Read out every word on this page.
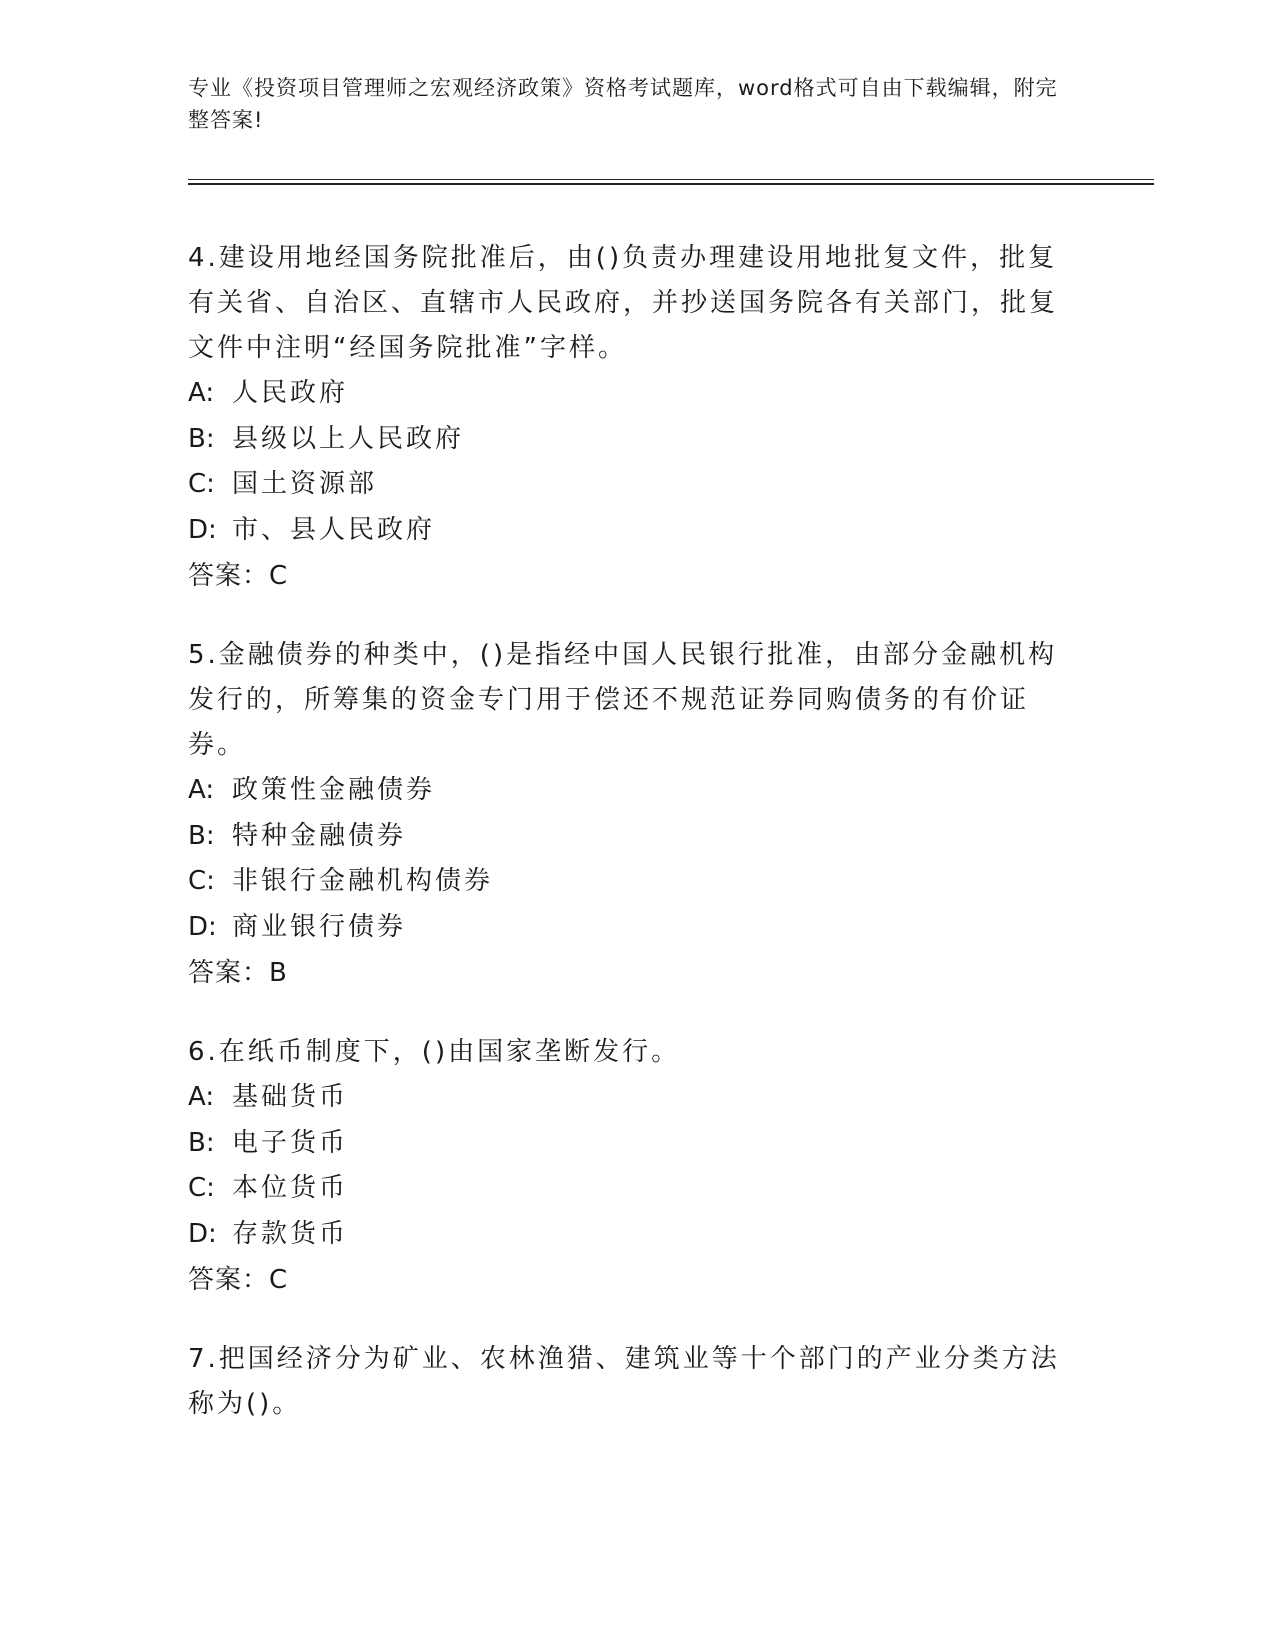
专业《投资项目管理师之宏观经济政策》资格考试题库，word格式可自由下载编辑，附完整答案!
4.建设用地经国务院批准后，由()负责办理建设用地批复文件，批复有关省、自治区、直辖市人民政府，并抄送国务院各有关部门，批复文件中注明“经国务院批准”字样。
A: 人民政府
B: 县级以上人民政府
C: 国土资源部
D: 市、县人民政府
答案：C
5.金融债券的种类中，()是指经中国人民银行批准，由部分金融机构发行的，所筹集的资金专门用于偿还不规范证券同购债务的有价证券。
A: 政策性金融债券
B: 特种金融债券
C: 非银行金融机构债券
D: 商业银行债券
答案：B
6.在纸币制度下，()由国家垄断发行。
A: 基础货币
B: 电子货币
C: 本位货币
D: 存款货币
答案：C
7.把国经济分为矿业、农林渔猎、建筑业等十个部门的产业分类方法称为()。
